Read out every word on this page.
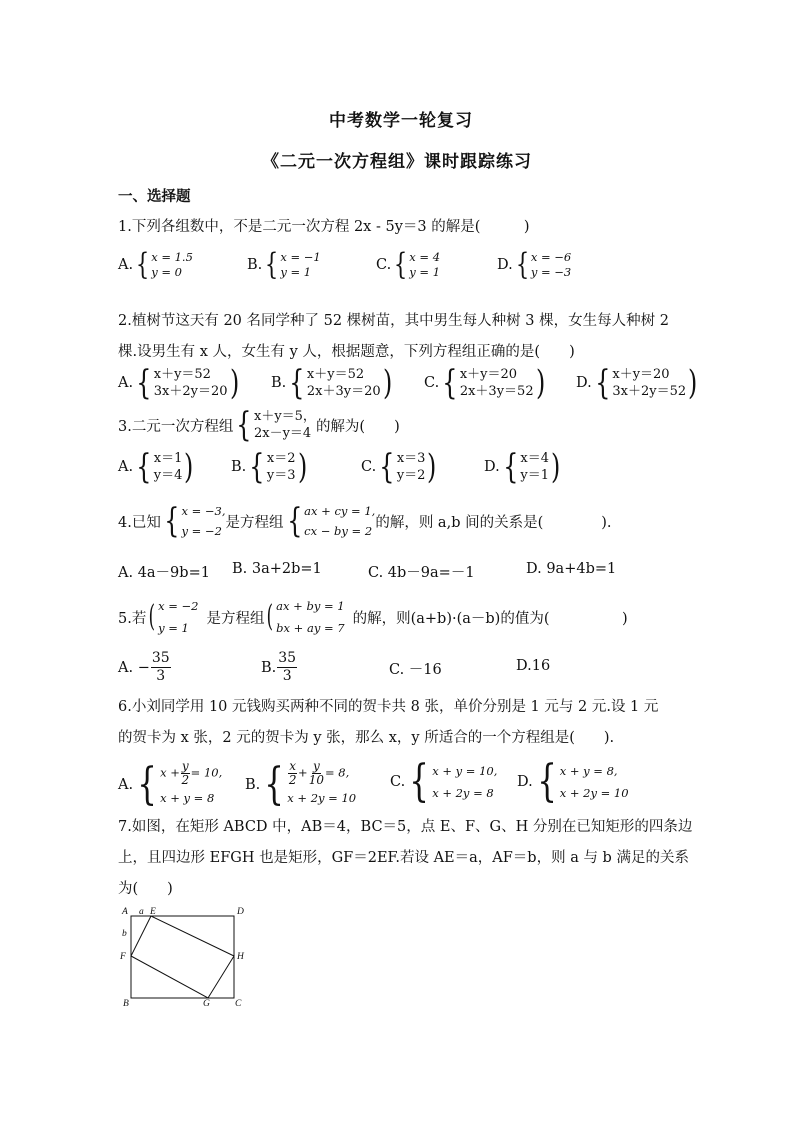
中考数学一轮复习
《二元一次方程组》课时跟踪练习
一、选择题
1.下列各组数中，不是二元一次方程 2x - 5y＝3 的解是(　　　)
A. { x = 1.5
y = 0	B. { x = −1
y = 1	C. { x = 4
y = 1	D. { x = −6
y = −3
2.植树节这天有 20 名同学种了 52 棵树苗，其中男生每人种树 3 棵，女生每人种树 2
棵.设男生有 x 人，女生有 y 人，根据题意，下列方程组正确的是(　　)
A. { x＋y＝52
3x＋2y＝20 ) B. { x＋y＝52
2x＋3y＝20 ) C. { x＋y＝20
2x＋3y＝52 ) D. { x＋y＝20
3x＋2y＝52 )
3.二元一次方程组 { x＋y＝5，
2x－y＝4 的解为(　　)
A. { x＝1
y＝4 )	B. { x＝2
y＝3 )	C. { x＝3
y＝2 )	D. { x＝4
y＝1 )
4.已知 { x = −3,
y = −2
是方程组 { ax + cy = 1,
cx − by = 2
的解，则 a,b 间的关系是(　　　　).
A. 4a－9b=1 B. 3a+2b=1	C. 4b－9a=－1	D. 9a+4b=1
5.若 ( x = −2
y = 1
是方程组 ( ax + by = 1
bx + ay = 7
的解，则(a+b)·(a－b)的值为(　　　　　)
A. − $\frac{35}{3}$	B. $\frac{35}{3}$	C. －16	D.16
6.小刘同学用 10 元钱购买两种不同的贺卡共 8 张，单价分别是 1 元与 2 元.设 1 元
的贺卡为 x 张，2 元的贺卡为 y 张，那么 x，y 所适合的一个方程组是(　　).
A. { $x + \frac{y}{2} = 10$,
x + y = 8
B. { $\frac{x}{2} + \frac{y}{10} = 8$,
x + 2y = 10
C. { x + y = 10,
x + 2y = 8
D. { x + y = 8,
x + 2y = 10
7.如图，在矩形 ABCD 中，AB＝4，BC＝5，点 E、F、G、H 分别在已知矩形的四条边
上，且四边形 EFGH 也是矩形，GF＝2EF.若设 AE＝a，AF＝b，则 a 与 b 满足的关系
为(　　)
A a E	D
b
F	H
B	G	C
